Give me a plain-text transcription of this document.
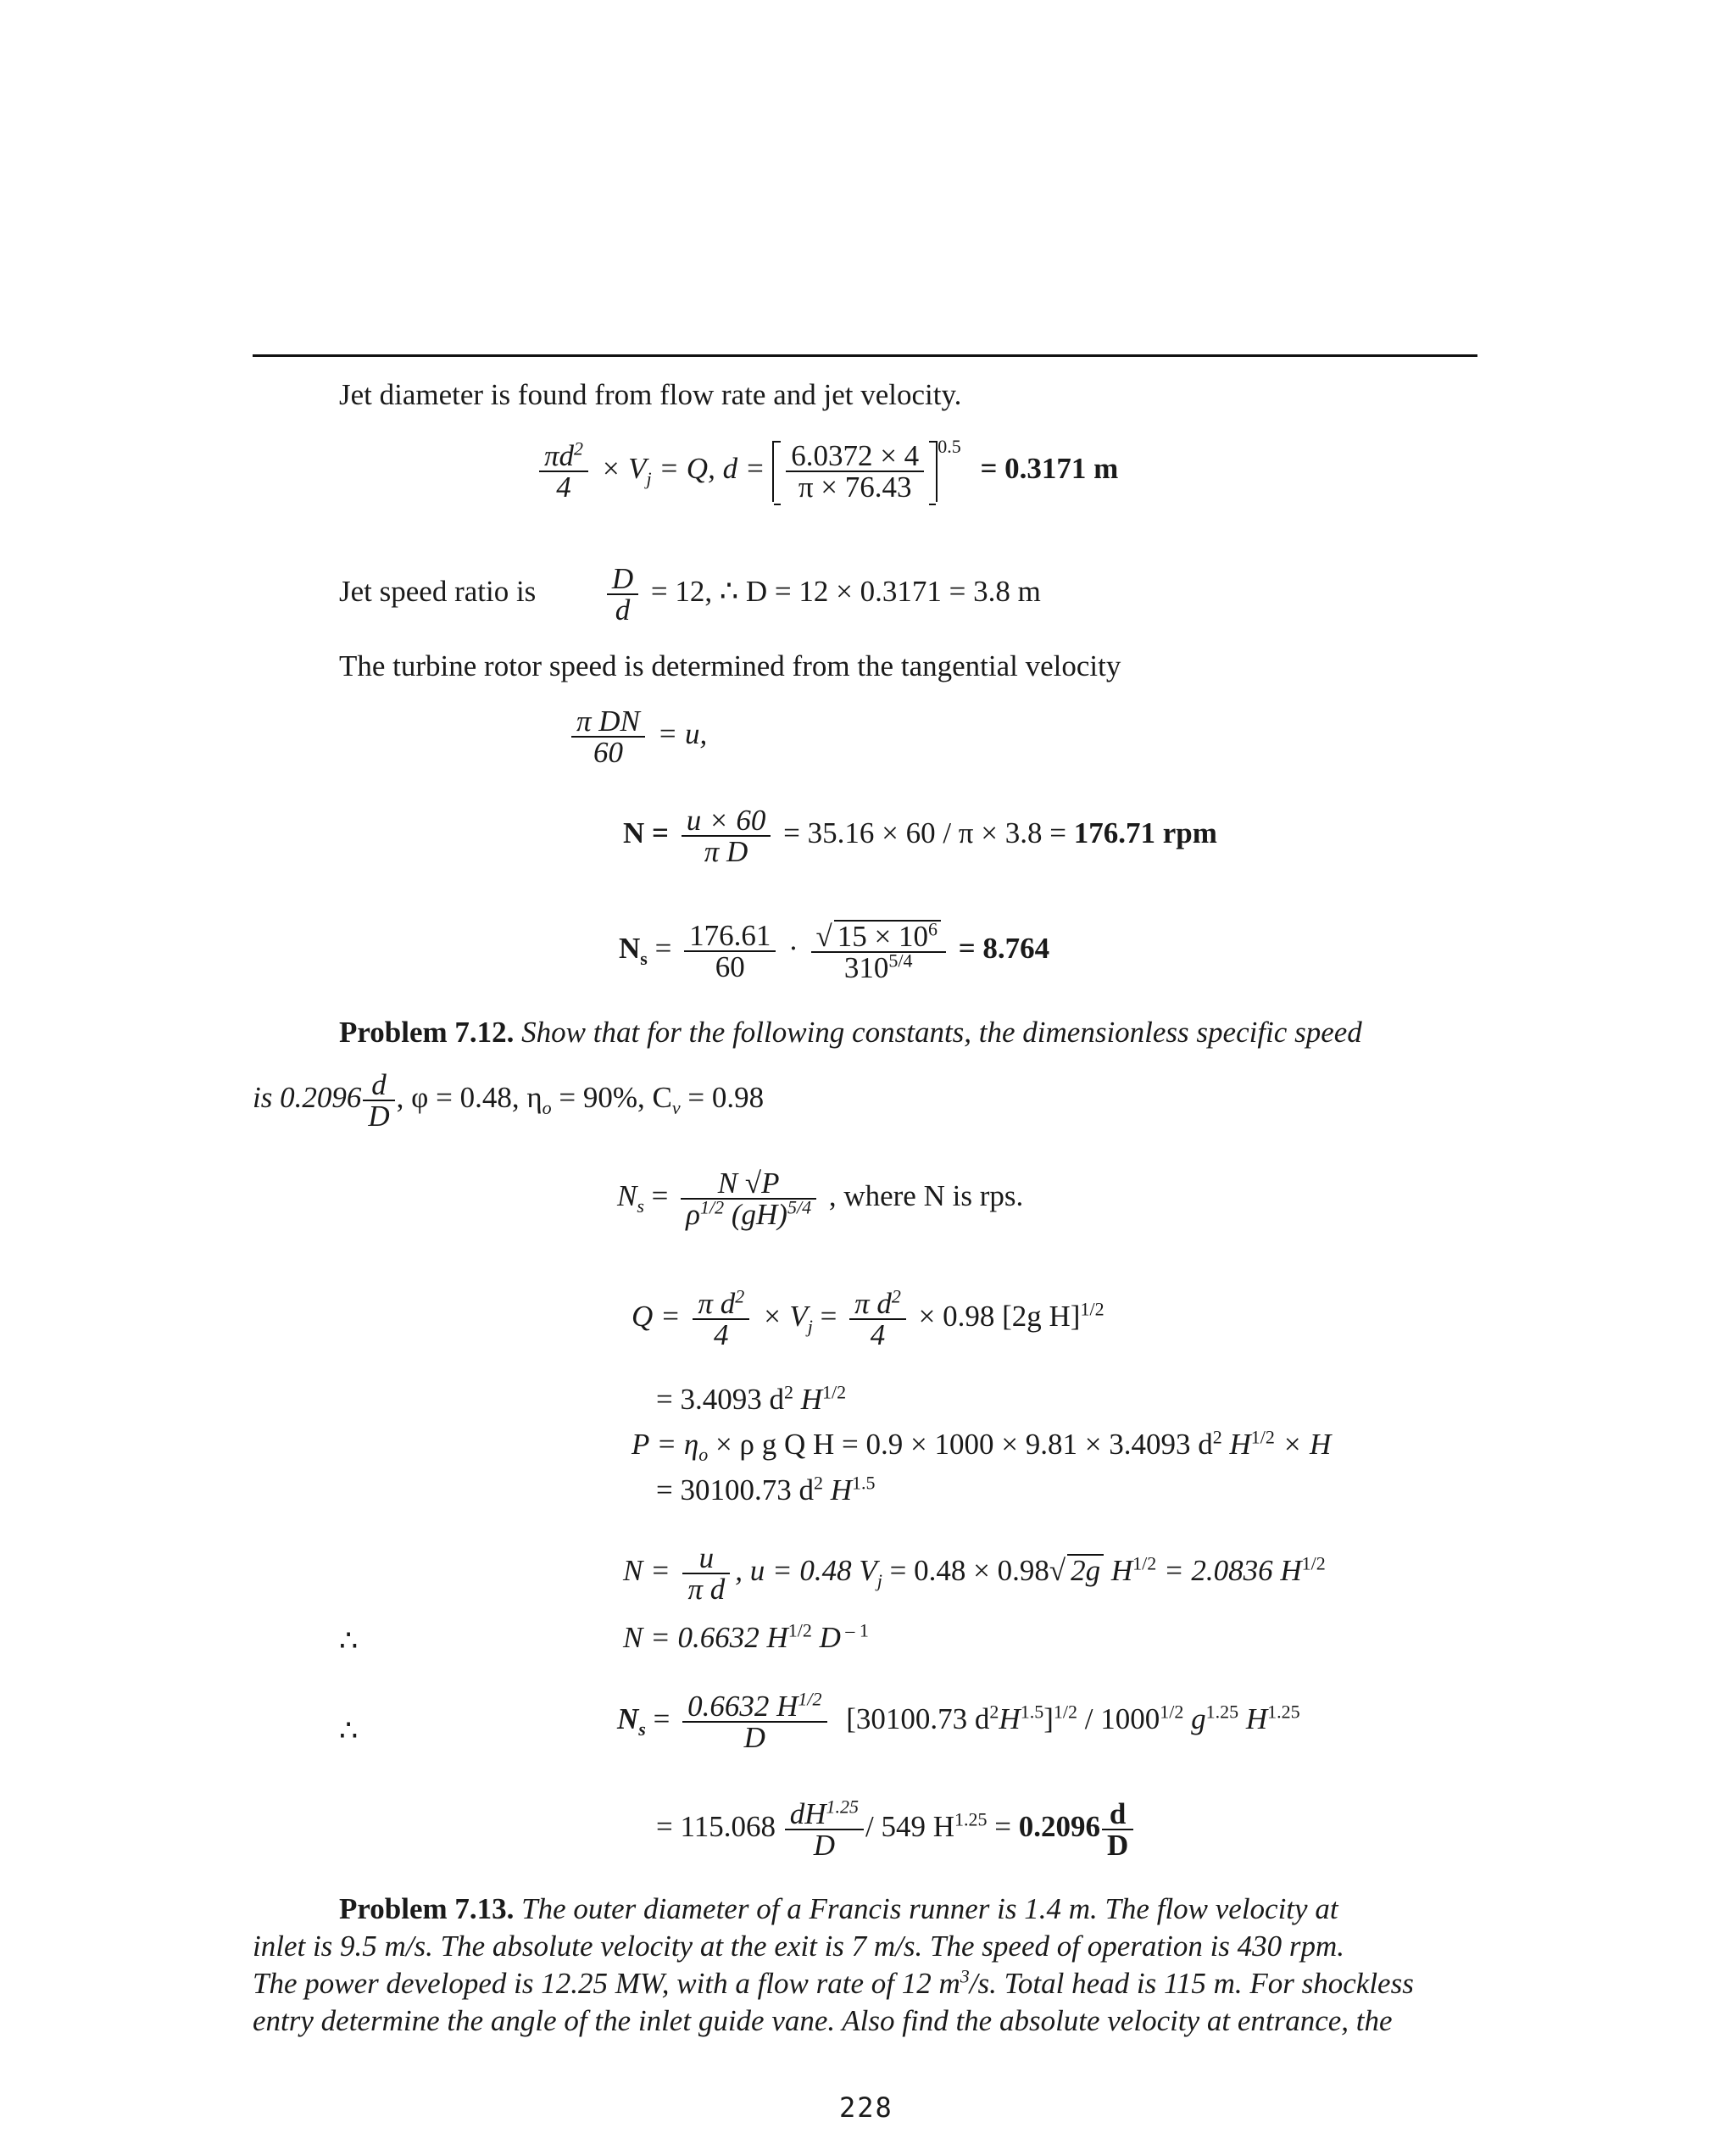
Jet diameter is found from flow rate and jet velocity.
$\frac{\pi d^2}{4} \times V_j = Q$, $d = \frac{6.0372 \times 4}{\pi \times 76.43} ^{0.5} = 0.3171$ m
Jet speed ratio is $\frac{D}{d} = 12$, ∴ D = 12 × 0.3171 = 3.8 m
The turbine rotor speed is determined from the tangential velocity
$\frac{\text{π DN}}{60} = u$,
$N = \frac{u \times 60}{\text{π D}} = 35.16 \times 60 / \pi \times 3.8 = 176.71$ rpm
$N_s = \frac{176.61}{60} \cdot \frac{√ 15 \times 10^6}{310^{5/4}} = 8.764$
Problem 7.12. Show that for the following constants, the dimensionless specific speed
is $0.2096 \frac{d}{D}$ , φ = 0.48, $\eta_o = 90\%$, $C_v = 0.98$
$N_s = \frac{N √P}{\rho^{1/2} (gH)^{5/4}}$ , where N is rps.
$Q = \frac{\pi d^2}{4} \times V_j = \frac{\pi d^2}{4} \times 0.98$ [2g H]$^{1/2}$
= 3.4093 $d^2$ $H^{1/2}$
$P = \eta_o \times \rho$ g Q H = 0.9 × 1000 × 9.81 × 3.4093 $d^2$ $H^{1/2} \times H$
= 30100.73 $d^2$ $H^{1.5}$
$N = \frac{u}{\text{π d}}$ , u = 0.48 $V_j = 0.48 \times 0.98√$ 2g $H^{1/2} = 2.0836$ $H^{1/2}$
∴	N = 0.6632 $H^{1/2}$ D $^{- 1}$
∴	$N_s = \frac{0.6632 H^{1/2}}{D} [30100.73$ $d^2H^{1.5}]^{1/2} / 1000^{1/2}$ $g^{1.25}$ $H^{1.25}$
= $115.068 \frac{dH^{1.25}}{D} / 549$ $H^{1.25} = 0.2096 \frac{d}{D}$
Problem 7.13. The outer diameter of a Francis runner is 1.4 m. The flow velocity at
inlet is 9.5 m/s. The absolute velocity at the exit is 7 m/s. The speed of operation is 430 rpm.
The power developed is 12.25 MW, with a flow rate of 12 $m^3/s$. Total head is 115 m. For shockless
entry determine the angle of the inlet guide vane. Also find the absolute velocity at entrance, the
228
